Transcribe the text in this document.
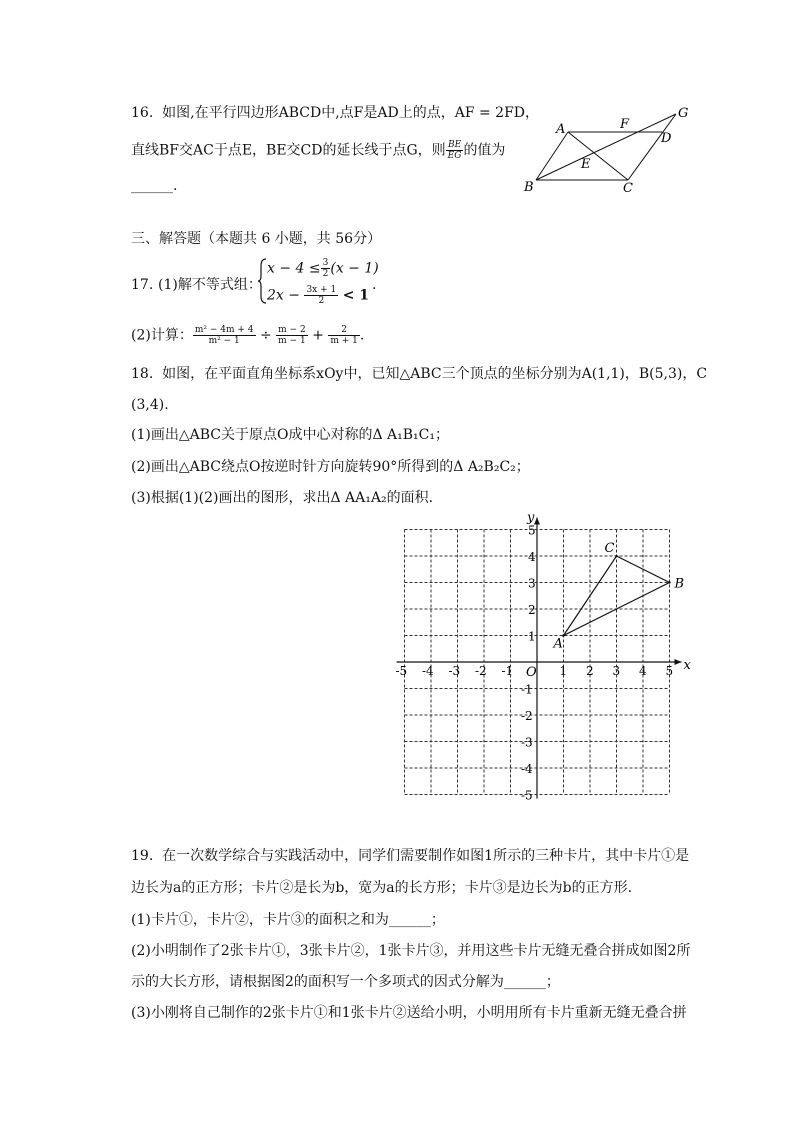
16. 如图,在平行四边形ABCD中,点F是AD上的点，AF = 2FD，
直线BF交AC于点E，BE交CD的延长线于点G，则 $\frac{BE}{EG}$ 的值为
______.
A	F
D
G
E
B	C
三、解答题（本题共 6 小题，共 56分）
17. (1)解不等式组：
$x - 4 \le \frac{3}{2} (x - 1)$
$2x - \frac{3x + 1}{2} < 1$
.
(2)计算： $\frac{\text{m² − 4m + 4}}{\text{m² − 1}} \div \frac{m - 2}{m - 1} + \frac{2}{m + 1}$ .
18. 如图，在平面直角坐标系xOy中，已知△ABC三个顶点的坐标分别为A(1,1)，B(5,3)，C
(3,4).
(1)画出△ABC关于原点O成中心对称的Δ A₁B₁C₁；
(2)画出△ABC绕点O按逆时针方向旋转90°所得到的Δ A₂B₂C₂；
(3)根据(1)(2)画出的图形，求出Δ AA₁A₂的面积.
x
y
O
-5 -4 -3 -2 -1	1 2 3 4 5
5
4
3
2
1
-1
-2
-3
-4
-5
A
B
C
19. 在一次数学综合与实践活动中，同学们需要制作如图1所示的三种卡片，其中卡片①是
边长为a的正方形；卡片②是长为b，宽为a的长方形；卡片③是边长为b的正方形.
(1)卡片①，卡片②，卡片③的面积之和为______；
(2)小明制作了2张卡片①，3张卡片②，1张卡片③，并用这些卡片无缝无叠合拼成如图2所
示的大长方形，请根据图2的面积写一个多项式的因式分解为______；
(3)小刚将自己制作的2张卡片①和1张卡片②送给小明，小明用所有卡片重新无缝无叠合拼
